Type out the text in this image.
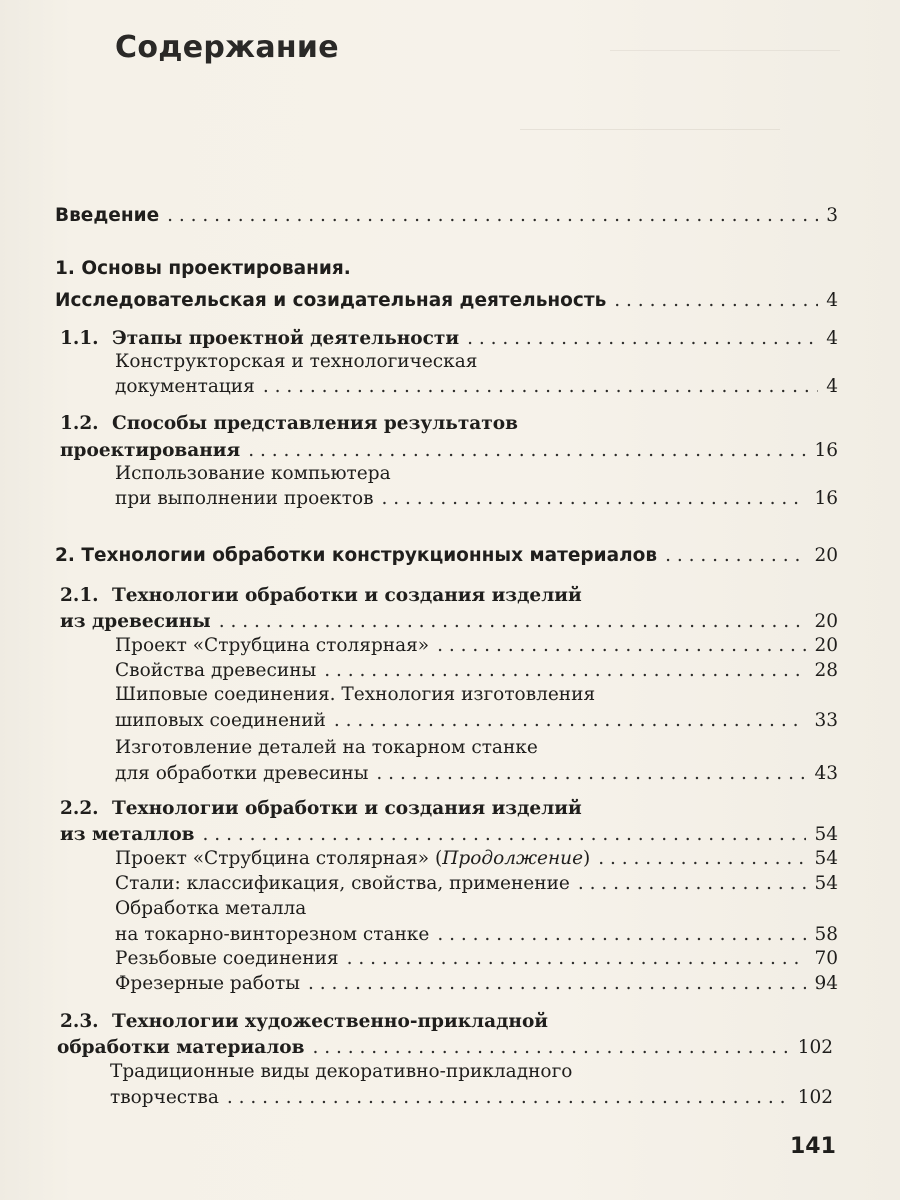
Содержание
Введение . . .	3
1. Основы проектирования.
Исследовательская и созидательная деятельность . . .	4
1.1. Этапы проектной деятельности . . .	4
Конструкторская и технологическая
документация . . .	4
1.2. Способы представления результатов
проектирования . . .	16
Использование компьютера
при выполнении проектов . . .	16
2. Технологии обработки конструкционных материалов . . .	20
2.1. Технологии обработки и создания изделий
из древесины . . .	20
Проект «Струбцина столярная» . . .	20
Свойства древесины . . .	28
Шиповые соединения. Технология изготовления
шиповых соединений . . .	33
Изготовление деталей на токарном станке
для обработки древесины . . .	43
2.2. Технологии обработки и создания изделий
из металлов . . .	54
Проект «Струбцина столярная» (Продолжение) . . .	54
Стали: классификация, свойства, применение . . .	54
Обработка металла
на токарно-винторезном станке . . .	58
Резьбовые соединения . . .	70
Фрезерные работы . . .	94
2.3. Технологии художественно-прикладной
обработки материалов . . .	102
Традиционные виды декоративно-прикладного
творчества . . .	102
141
